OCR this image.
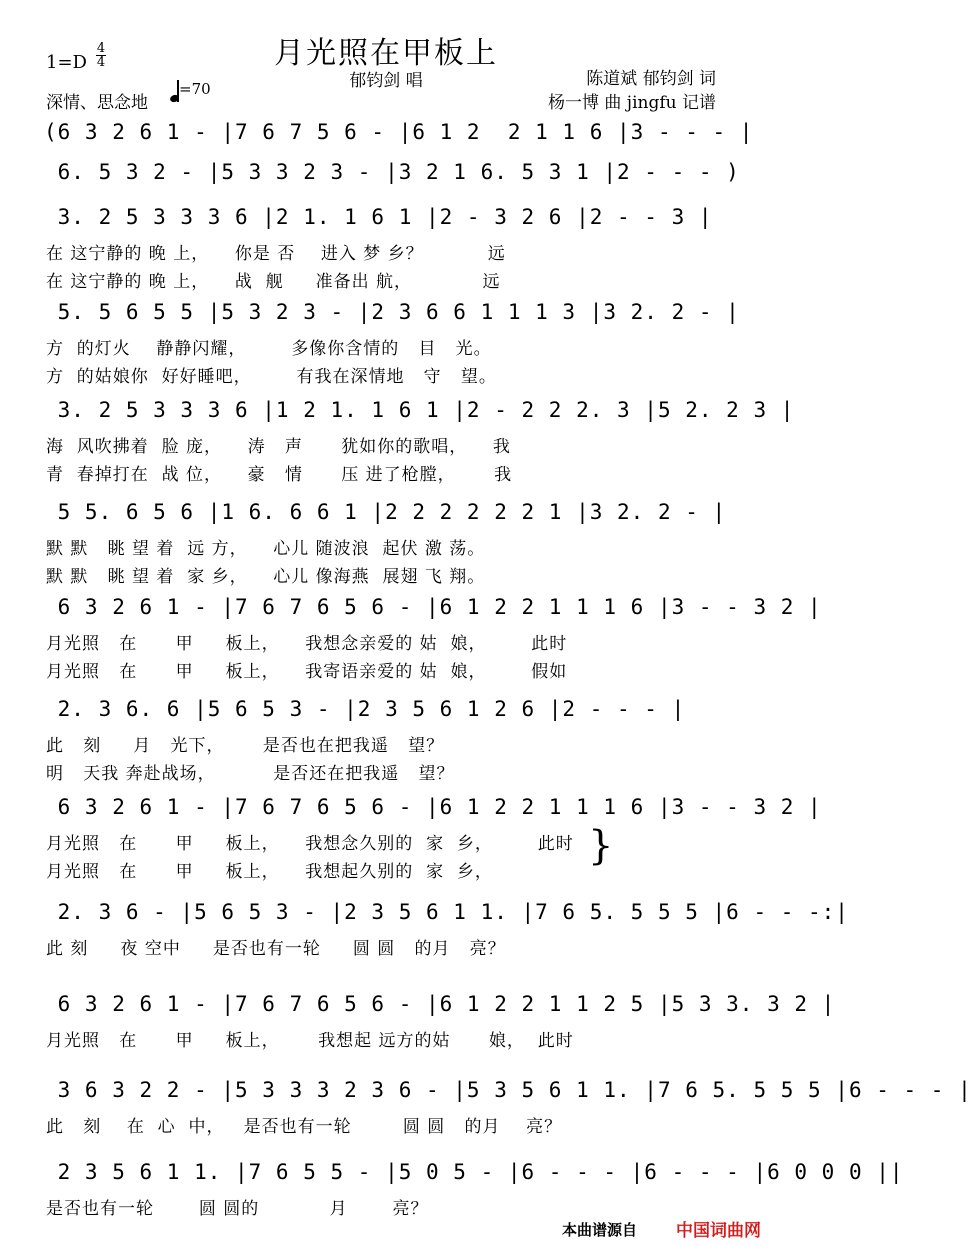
月光照在甲板上
1=D
4
4
郁钧剑 唱	陈道斌 郁钧剑 词
杨一博 曲 jingfu 记谱
深情、思念地
=70
(6 3 2 6 1 - |7 6 7 5 6 - |6 1 2  2 1 1 6 |3 - - - |
6. 5 3 2 - |5 3 3 2 3 - |3 2 1 6. 5 3 1 |2 - - - )
3. 2 5 3 3 3 6 |2 1. 1 6 1 |2 - 3 2 6 |2 - - 3 |
在 这宁静的 晚 上，    你是 否    进入 梦 乡？          远
在 这宁静的 晚 上，    战  舰     准备出 航，           远
5. 5 6 5 5 |5 3 2 3 - |2 3 6 6 1 1 1 3 |3 2. 2 - |
方  的灯火    静静闪耀，       多像你含情的   目   光。
方  的姑娘你  好好睡吧，       有我在深情地   守   望。
3. 2 5 3 3 3 6 |1 2 1. 1 6 1 |2 - 2 2 2. 3 |5 2. 2 3 |
海  风吹拂着  脸 庞，    涛   声      犹如你的歌唱，    我
青  春掉打在  战 位，    豪   情      压 进了枪膛，      我
5 5. 6 5 6 |1 6. 6 6 1 |2 2 2 2 2 2 1 |3 2. 2 - |
默 默   眺 望 着  远 方，    心儿 随波浪  起伏 激 荡。
默 默   眺 望 着  家 乡，    心儿 像海燕  展翅 飞 翔。
6 3 2 6 1 - |7 6 7 6 5 6 - |6 1 2 2 1 1 1 6 |3 - - 3 2 |
月光照   在      甲     板上，    我想念亲爱的 姑  娘，       此时
月光照   在      甲     板上，    我寄语亲爱的 姑  娘，       假如
2. 3 6. 6 |5 6 5 3 - |2 3 5 6 1 2 6 |2 - - - |
此   刻     月   光下，      是否也在把我遥   望？
明   天我 奔赴战场，         是否还在把我遥   望？
6 3 2 6 1 - |7 6 7 6 5 6 - |6 1 2 2 1 1 1 6 |3 - - 3 2 |
月光照   在      甲     板上，    我想念久别的  家  乡，       此时
月光照   在      甲     板上，    我想起久别的  家  乡，
2. 3 6 - |5 6 5 3 - |2 3 5 6 1 1. |7 6 5. 5 5 5 |6 - - -:|
此 刻     夜 空中     是否也有一轮     圆 圆   的月   亮？
6 3 2 6 1 - |7 6 7 6 5 6 - |6 1 2 2 1 1 2 5 |5 3 3. 3 2 |
月光照   在      甲     板上，      我想起 远方的姑      娘，  此时
3 6 3 2 2 - |5 3 3 3 2 3 6 - |5 3 5 6 1 1. |7 6 5. 5 5 5 |6 - - - |
此   刻    在  心  中，   是否也有一轮        圆 圆   的月    亮？
2 3 5 6 1 1. |7 6 5 5 - |5 0 5 - |6 - - - |6 - - - |6 0 0 0 ||
是否也有一轮       圆 圆的           月       亮？
}
本曲谱源自 中国词曲网
